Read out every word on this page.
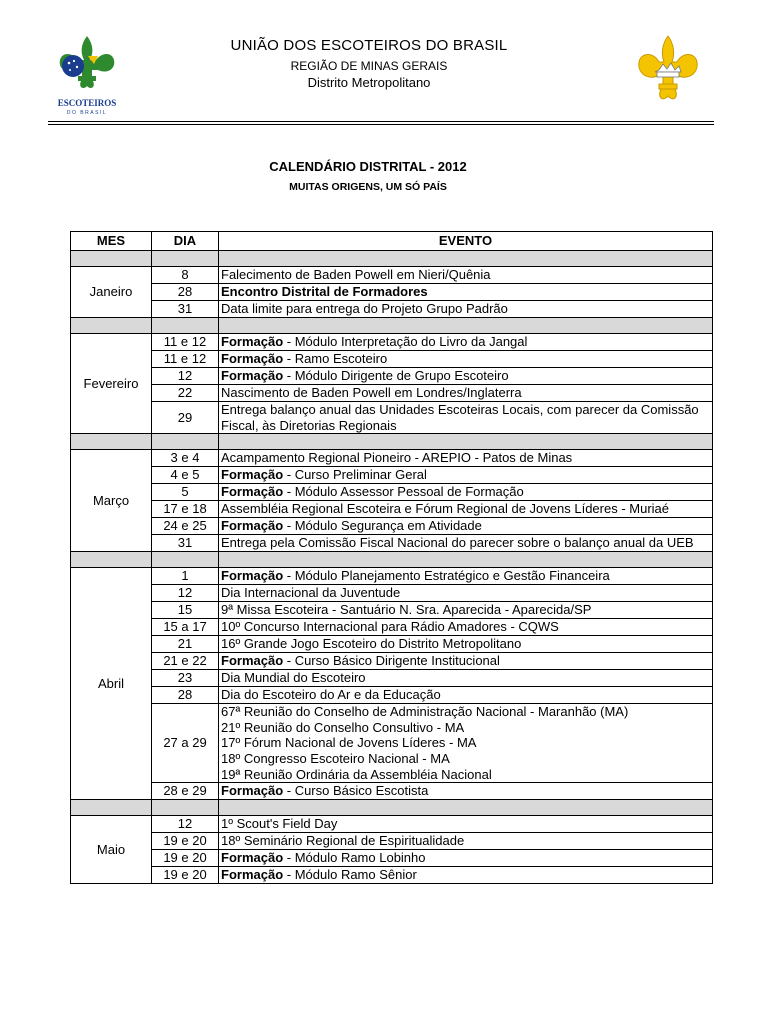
ESCOTEIROS
DO BRASIL
UNIÃO DOS ESCOTEIROS DO BRASIL
REGIÃO DE MINAS GERAIS
Distrito Metropolitano
CALENDÁRIO DISTRITAL - 2012
MUITAS ORIGENS, UM SÓ PAÍS
MES	DIA	EVENTO

Janeiro	8	Falecimento de Baden Powell em Nieri/Quênia
	28	Encontro Distrital de Formadores
	31	Data limite para entrega do Projeto Grupo Padrão

Fevereiro	11 e 12	Formação - Módulo Interpretação do Livro da Jangal
	11 e 12	Formação - Ramo Escoteiro
	12	Formação - Módulo Dirigente de Grupo Escoteiro
	22	Nascimento de Baden Powell em Londres/Inglaterra
	29	Entrega balanço anual das Unidades Escoteiras Locais, com parecer da Comissão Fiscal, às Diretorias Regionais

Março	3 e 4	Acampamento Regional Pioneiro - AREPIO - Patos de Minas
	4 e 5	Formação - Curso Preliminar Geral
	5	Formação - Módulo Assessor Pessoal de Formação
	17 e 18	Assembléia Regional Escoteira e Fórum Regional de Jovens Líderes - Muriaé
	24 e 25	Formação - Módulo Segurança em Atividade
	31	Entrega pela Comissão Fiscal Nacional do parecer sobre o balanço anual da UEB

Abril	1	Formação - Módulo Planejamento Estratégico e Gestão Financeira
	12	Dia Internacional da Juventude
	15	9ª Missa Escoteira - Santuário N. Sra. Aparecida - Aparecida/SP
	15 a 17	10º Concurso Internacional para Rádio Amadores - CQWS
	21	16º Grande Jogo Escoteiro do Distrito Metropolitano
	21 e 22	Formação - Curso Básico Dirigente Institucional
	23	Dia Mundial do Escoteiro
	28	Dia do Escoteiro do Ar e da Educação
	27 a 29	67ª Reunião do Conselho de Administração Nacional - Maranhão (MA)
21º Reunião do Conselho Consultivo - MA
17º Fórum Nacional de Jovens Líderes - MA
18º Congresso Escoteiro Nacional - MA
19ª Reunião Ordinária da Assembléia Nacional

	28 e 29	Formação - Curso Básico Escotista

Maio	12	1º Scout's Field Day
	19 e 20	18º Seminário Regional de Espiritualidade
	19 e 20	Formação - Módulo Ramo Lobinho
	19 e 20	Formação - Módulo Ramo Sênior
